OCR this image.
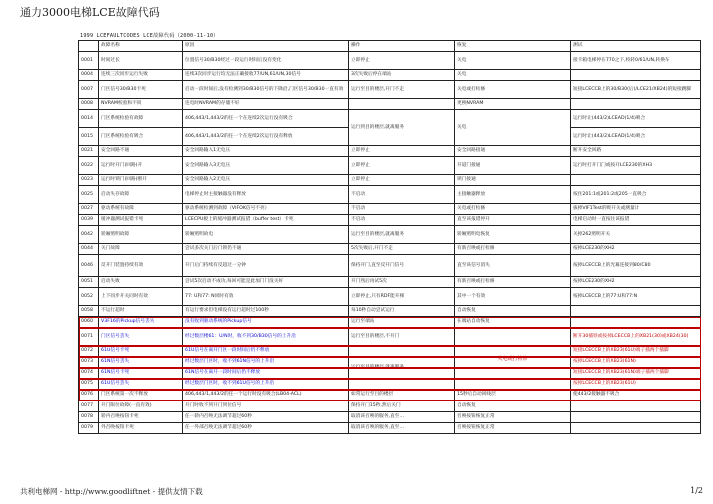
通力3000电梯LCE故障代码
1999 LCEFAULTCODES LCE故障代码（2000-11-10）
	故障名称	原因	操作	恢复	测试
0001	时间过长	位置信号30/B30经过一段运行时间后没有变化	立即停止	关电	接卡箱电梯停在770之下,校转0/61/UN,转换车
0004	连续三次同步运行失败	连续3次同步运行均无法正确接收77/UN,61/UN,30信号	3次失败后停在端站	关电	
0007	门区信号30/B30卡死	启动一段时间后,没有检测到30/B30信号的下降沿,门区信号30/B30一直有效	运行至目的楼层,开门不走	关电或打检修	短接LCECCB上的30/B30(后)/LCE21/XB24)的短接跳脚
0008	NVRAM校验和不同	连电时NVRAM的存储不好		更换NVRAM	
0014	门区系统检验有故障	406,443/1,443/2的任一个在连续2次运行没有吸合	运行到目的楼层,就离服务	关电	运行时让(443/2)LCEAD(1/4)吸合
0015	门区系统检验有吸合	406,443/1,443/2的任一个在连续2次运行没有释放			运行时让(443/2)LCEAD(1/4)吸合
0021	安全回路不通	安全回路输入1无电压	立即停止	安全回路接通	断开安全回路
0022	运行时开门(回路)开	安全回路输入3无电压	立即停止	开道门接通	运行时打开门门或按开LCE230的XH3
0023	运行时锁门(回路)断开	安全回路输入2无电压	立即停止	锁门接通	
0025	启动失存故障	电梯停止时主接触器没有释放	不启动	主接触器释放	按住201:1或201:2或205一直吸合
0027	驱动系统有故障	驱动系统检测到故障（VIFOK信号不亮）	不启动	关电或打检修	拔掉VIF1Test的吸开关或测量计
0039	缓冲器测试报错卡死	LCECPU板上的缓冲器测试报错（buffer test）卡死	不启动	直至该报错停开	电梯启动时一直按住该报错
0042	轿厢照明故障	轿厢照明故电	运行至目的楼层,就离服务	轿厢照明电恢复	关掉262照明开关
0044	关门故障	尝试多次关门后门锁仍不通	5次失败后,开门不走	有新召唤或打检修	按掉LCE230的XH2
0046	反开门装置持续有效	开门后门持续有反超过一分钟	保持开门,直至反开门信号	直至该信号消失	按掉LCECCB上的光幕连接到80/C80
0051	启动失败	尝试5次启动不成功,每回可能是此加门门没关好	开门熟后再试5次	有新召唤或打检修	按掉LCE230的XH2
0052	上下同步开关同时有效	77: U和77: N同时有效	立即停止,只有RDF能开梯	其中一个有效	按掉LCECCB上的77:U和77:N
0058	不运行超时	有运行要求但电梯没有运行超时过100秒	每10秒自动尝试运行	自动恢复	
0060	V3F16的Pickup信号丢失	没有收到驱动系统的Pickup信号	运行至端站	在端站自动恢复	
0071	门区信号丢失	经过数层楼61：U/N时，收不到30/B30信号的上升沿	运行至目的楼层,不开门	关电或打检修	断开30插铁或按掉LCECCB上的XB21(30)或XB24(30)
0072	61U信号卡死	61U信号在离开门区一段时间后仍不释放	运行至目的楼层,就离服务		短接LCECCB上的XB23(61U)端子插两个插脚
0073	61N信号丢失	经过数层门区时，收不到61N信号的上升沿			按掉LCECCB上的XB23(61N)
0074	61N信号卡死	61N信号在离开一段时间后仍不释放			短接LCECCB上的XB23(61N)端子插两个插脚
0075	61U信号丢失	经过数层门区时，收不到61U信号的上升沿			按掉LCECCB上的XB23(61U)
0076	门区系统第一次不释放	406,443/1,443/2的任一个运行时没有吸合(LB04-ACL)	如常运行至目的楼层	15秒后自动回线层	使443/2接触器不吸合
0077	开门限位故障(一直有效)	开门时收不到开门到位信号	保持开门15秒,然后关门	自动恢复	
0078	轿内召唤按钮卡死	任一轿内召唤无法调节超过60秒	取消该召唤的服务,直至…	召唤按钮恢复正常	
0079	外召唤按钮卡死	任一外部召唤无法调节超过60秒	取消该召唤的服务,直至…	召唤按钮恢复正常	
共利电梯网 - http://www.goodliftnet - 提供友情下载	1/2
